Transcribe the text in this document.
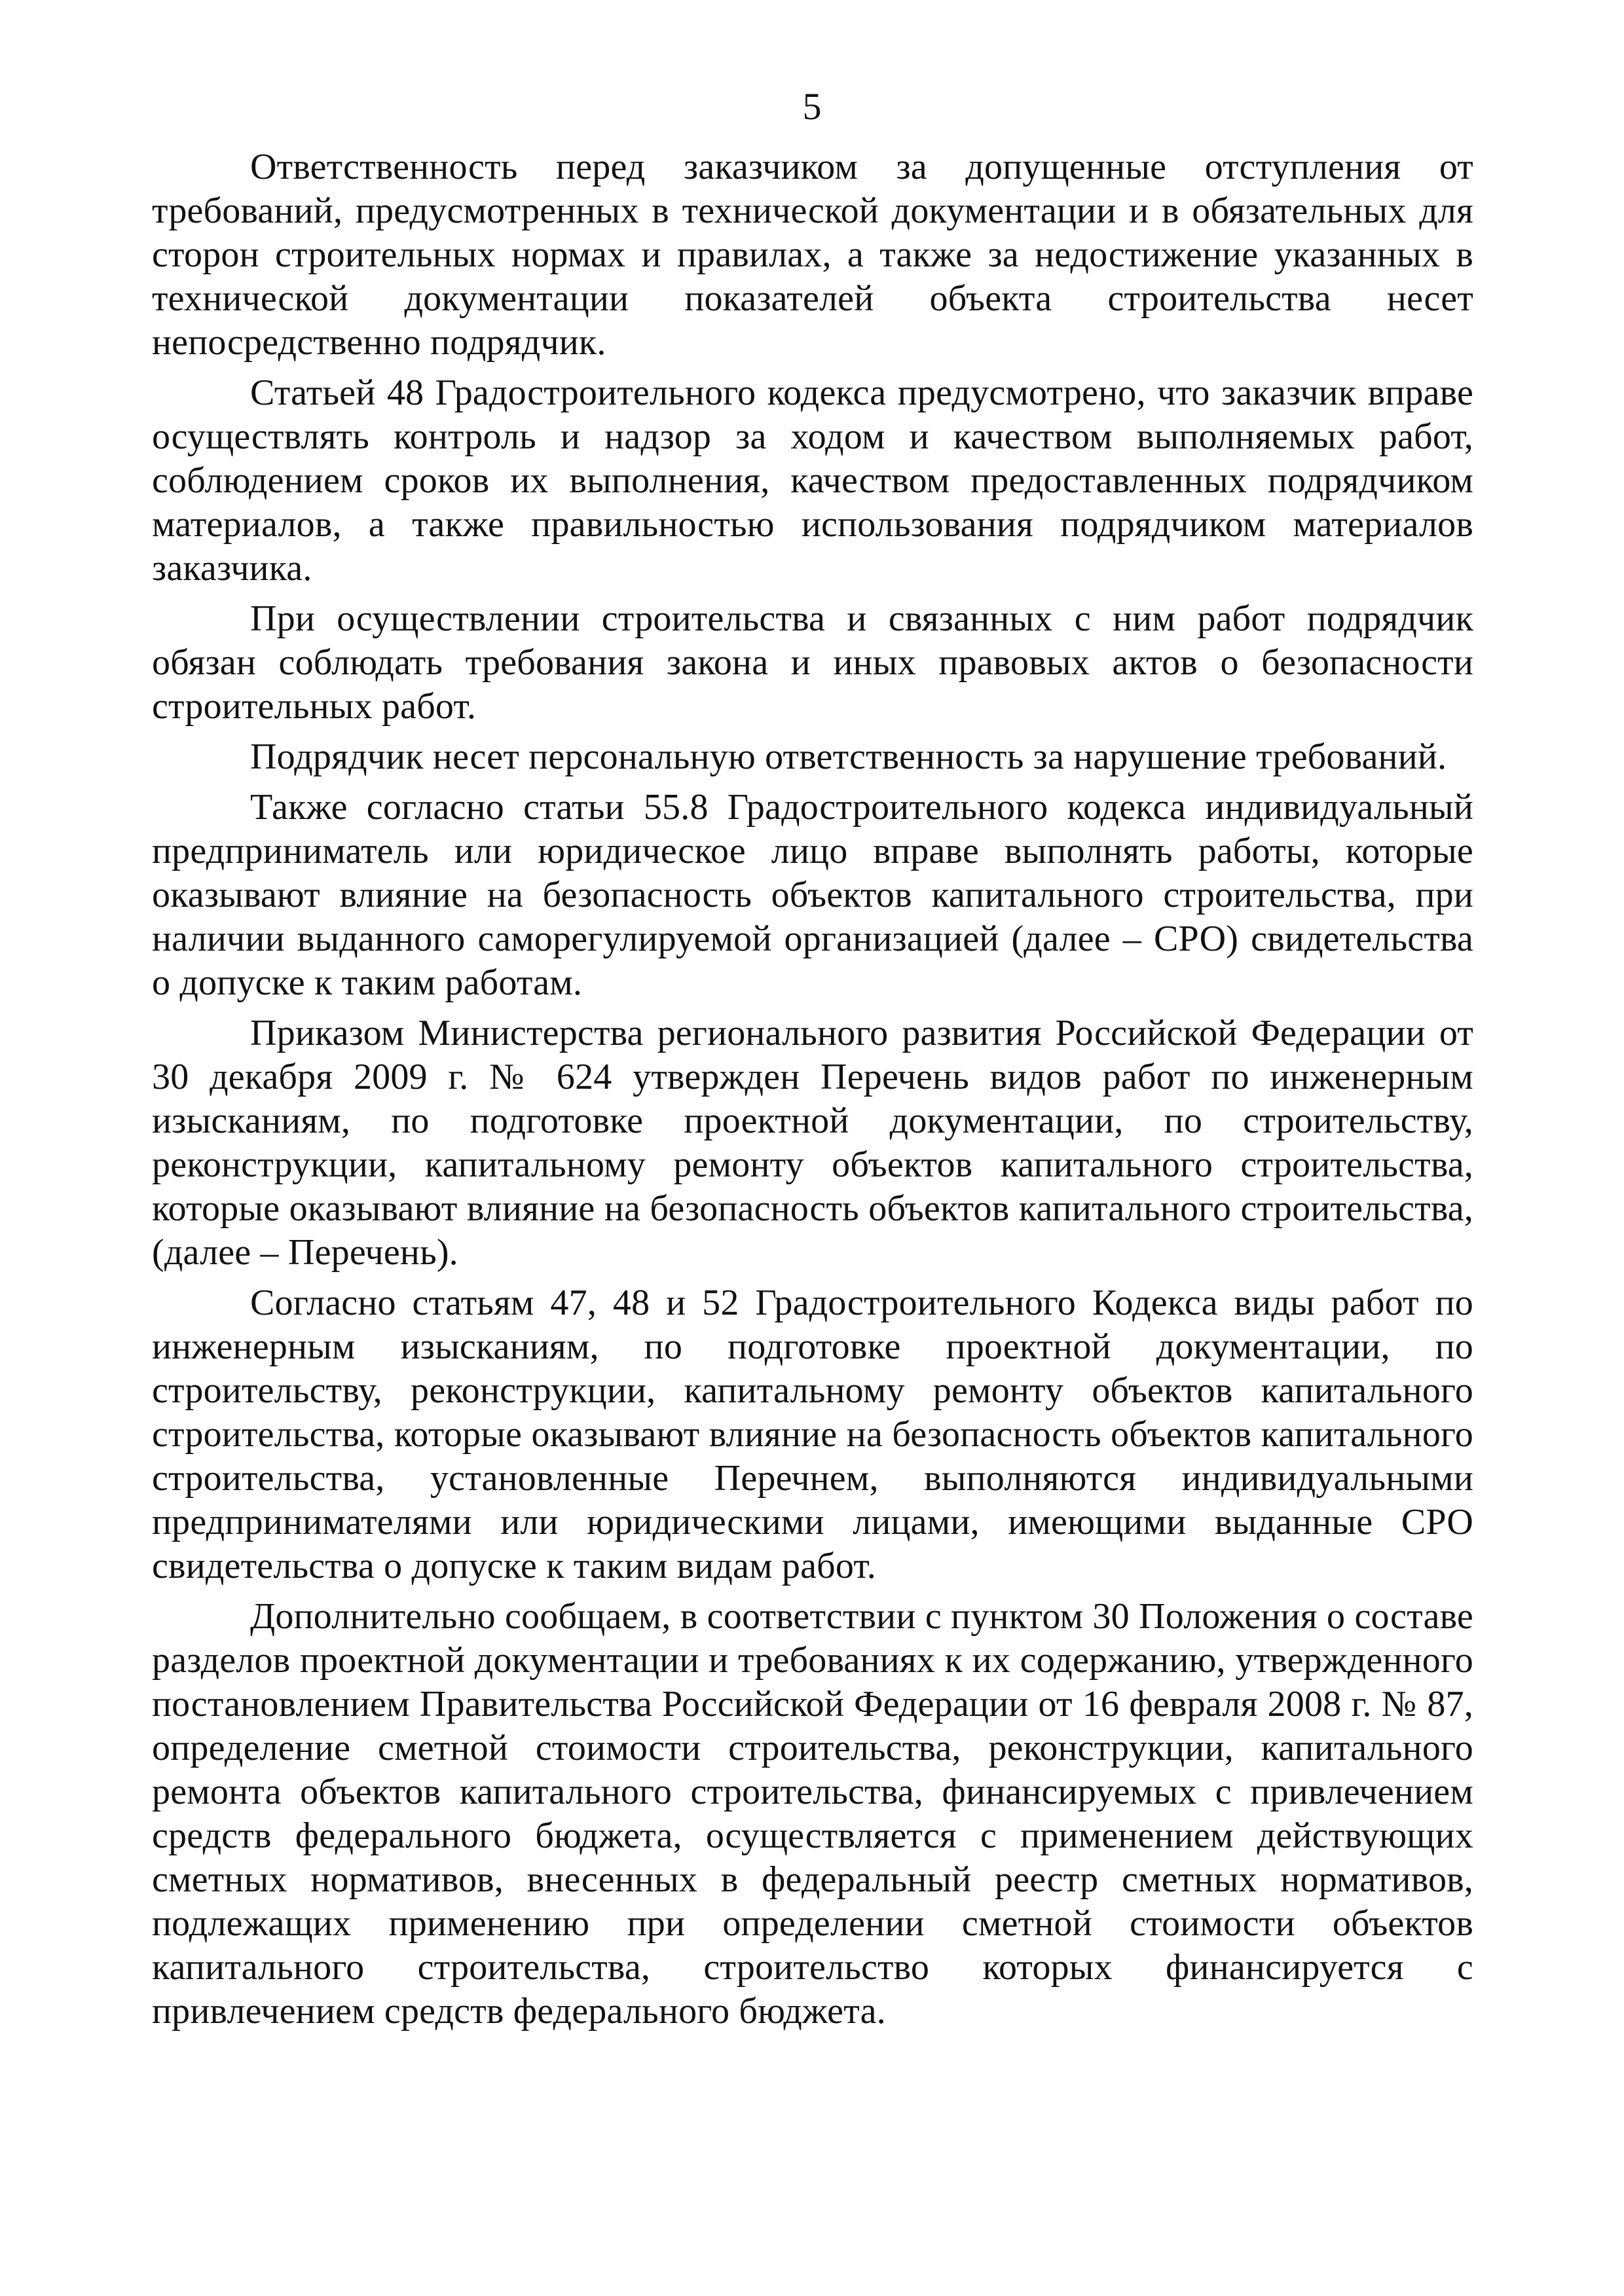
5

Ответственность перед заказчиком за допущенные отступления от требований, предусмотренных в технической документации и в обязательных для сторон строительных нормах и правилах, а также за недостижение указанных в технической документации показателей объекта строительства несет непосредственно подрядчик.

Статьей 48 Градостроительного кодекса предусмотрено, что заказчик вправе осуществлять контроль и надзор за ходом и качеством выполняемых работ, соблюдением сроков их выполнения, качеством предоставленных подрядчиком материалов, а также правильностью использования подрядчиком материалов заказчика.

При осуществлении строительства и связанных с ним работ подрядчик обязан соблюдать требования закона и иных правовых актов о безопасности строительных работ.

Подрядчик несет персональную ответственность за нарушение требований.

Также согласно статьи 55.8 Градостроительного кодекса индивидуальный предприниматель или юридическое лицо вправе выполнять работы, которые оказывают влияние на безопасность объектов капитального строительства, при наличии выданного саморегулируемой организацией (далее – СРО) свидетельства о допуске к таким работам.

Приказом Министерства регионального развития Российской Федерации от 30 декабря 2009 г. № 624 утвержден Перечень видов работ по инженерным изысканиям, по подготовке проектной документации, по строительству, реконструкции, капитальному ремонту объектов капитального строительства, которые оказывают влияние на безопасность объектов капитального строительства, (далее – Перечень).

Согласно статьям 47, 48 и 52 Градостроительного Кодекса виды работ по инженерным изысканиям, по подготовке проектной документации, по строительству, реконструкции, капитальному ремонту объектов капитального строительства, которые оказывают влияние на безопасность объектов капитального строительства, установленные Перечнем, выполняются индивидуальными предпринимателями или юридическими лицами, имеющими выданные СРО свидетельства о допуске к таким видам работ.

Дополнительно сообщаем, в соответствии с пунктом 30 Положения о составе разделов проектной документации и требованиях к их содержанию, утвержденного постановлением Правительства Российской Федерации от 16 февраля 2008 г. № 87, определение сметной стоимости строительства, реконструкции, капитального ремонта объектов капитального строительства, финансируемых с привлечением средств федерального бюджета, осуществляется с применением действующих сметных нормативов, внесенных в федеральный реестр сметных нормативов, подлежащих применению при определении сметной стоимости объектов капитального строительства, строительство которых финансируется с привлечением средств федерального бюджета.
